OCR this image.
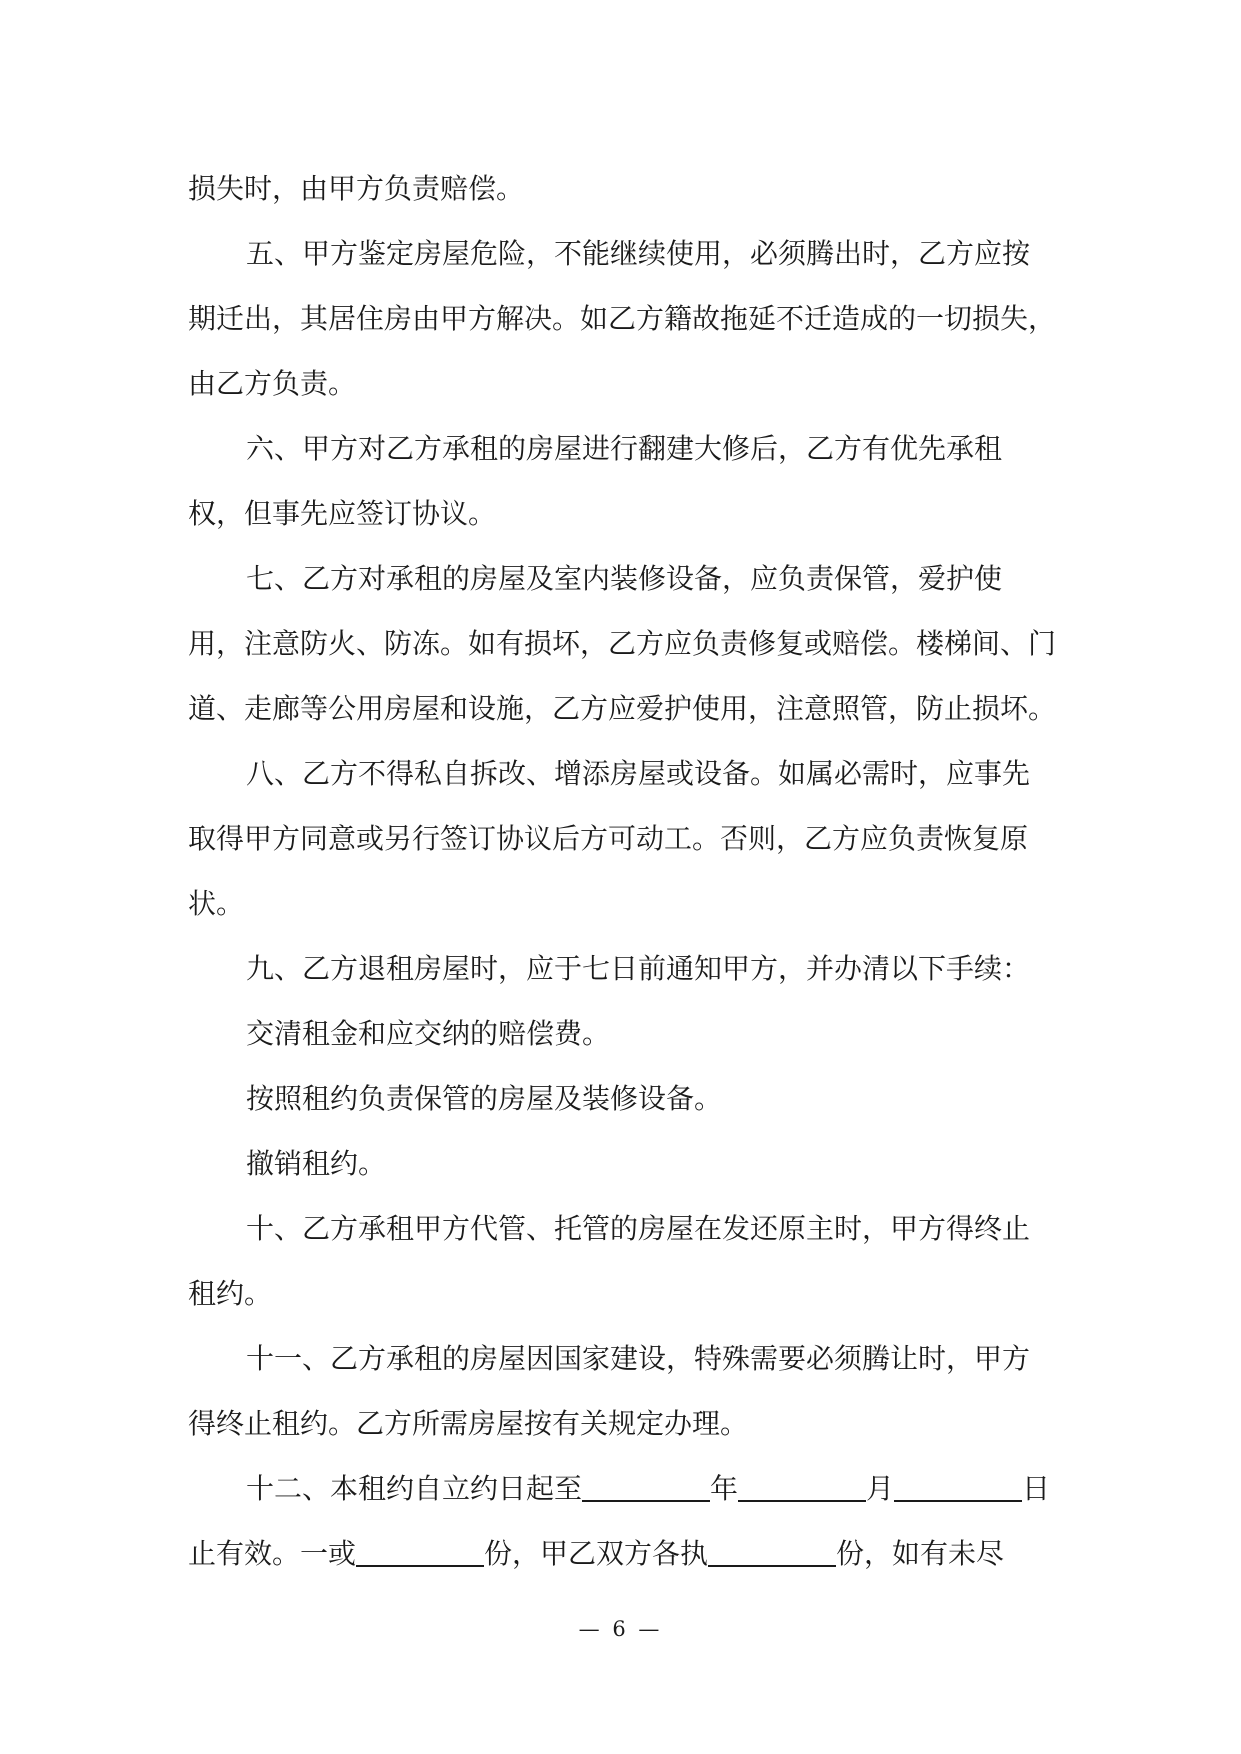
损失时，由甲方负责赔偿。

五、甲方鉴定房屋危险，不能继续使用，必须腾出时，乙方应按期迁出，其居住房由甲方解决。如乙方籍故拖延不迁造成的一切损失，由乙方负责。

六、甲方对乙方承租的房屋进行翻建大修后，乙方有优先承租权，但事先应签订协议。

七、乙方对承租的房屋及室内装修设备，应负责保管，爱护使用，注意防火、防冻。如有损坏，乙方应负责修复或赔偿。楼梯间、门道、走廊等公用房屋和设施，乙方应爱护使用，注意照管，防止损坏。

八、乙方不得私自拆改、增添房屋或设备。如属必需时，应事先取得甲方同意或另行签订协议后方可动工。否则，乙方应负责恢复原状。

九、乙方退租房屋时，应于七日前通知甲方，并办清以下手续：

交清租金和应交纳的赔偿费。

按照租约负责保管的房屋及装修设备。

撤销租约。

十、乙方承租甲方代管、托管的房屋在发还原主时，甲方得终止租约。

十一、乙方承租的房屋因国家建设，特殊需要必须腾让时，甲方得终止租约。乙方所需房屋按有关规定办理。

十二、本租约自立约日起至	年	月	日止有效。一或	份，甲乙双方各执	份，如有未尽

— 6 —
